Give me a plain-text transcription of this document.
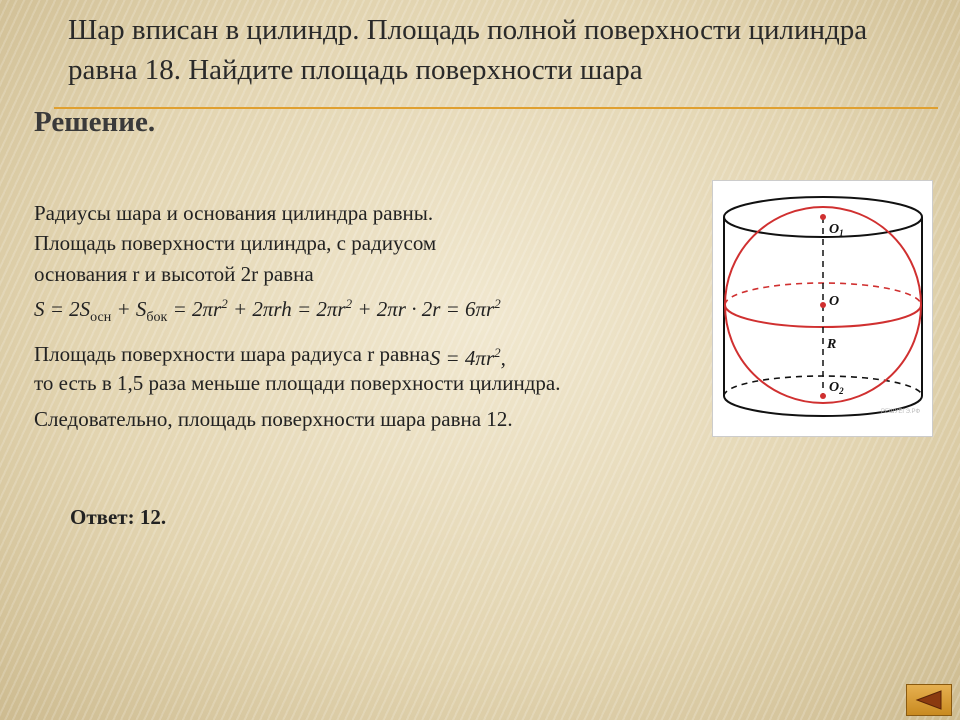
Шар вписан в цилиндр. Площадь полной поверхности цилиндра равна 18. Найдите площадь поверхности шара
Решение.
Радиусы шара и основания цилиндра равны.
Площадь поверхности цилиндра, с радиусом
основания r и высотой 2r равна
$S = 2S_{осн} + S_{бок} = 2\pi r^2 + 2\pi rh = 2\pi r^2 + 2\pi r \cdot 2r = 6\pi r^2$
Площадь поверхности шара радиуса r равнаS = $4\pi r^2$,
то есть в 1,5 раза меньше площади поверхности цилиндра.
Следовательно, площадь поверхности шара равна 12.
Ответ: 12.
$O_1$
O
R
$O_2$
РЕШУЕГЭ.РФ
